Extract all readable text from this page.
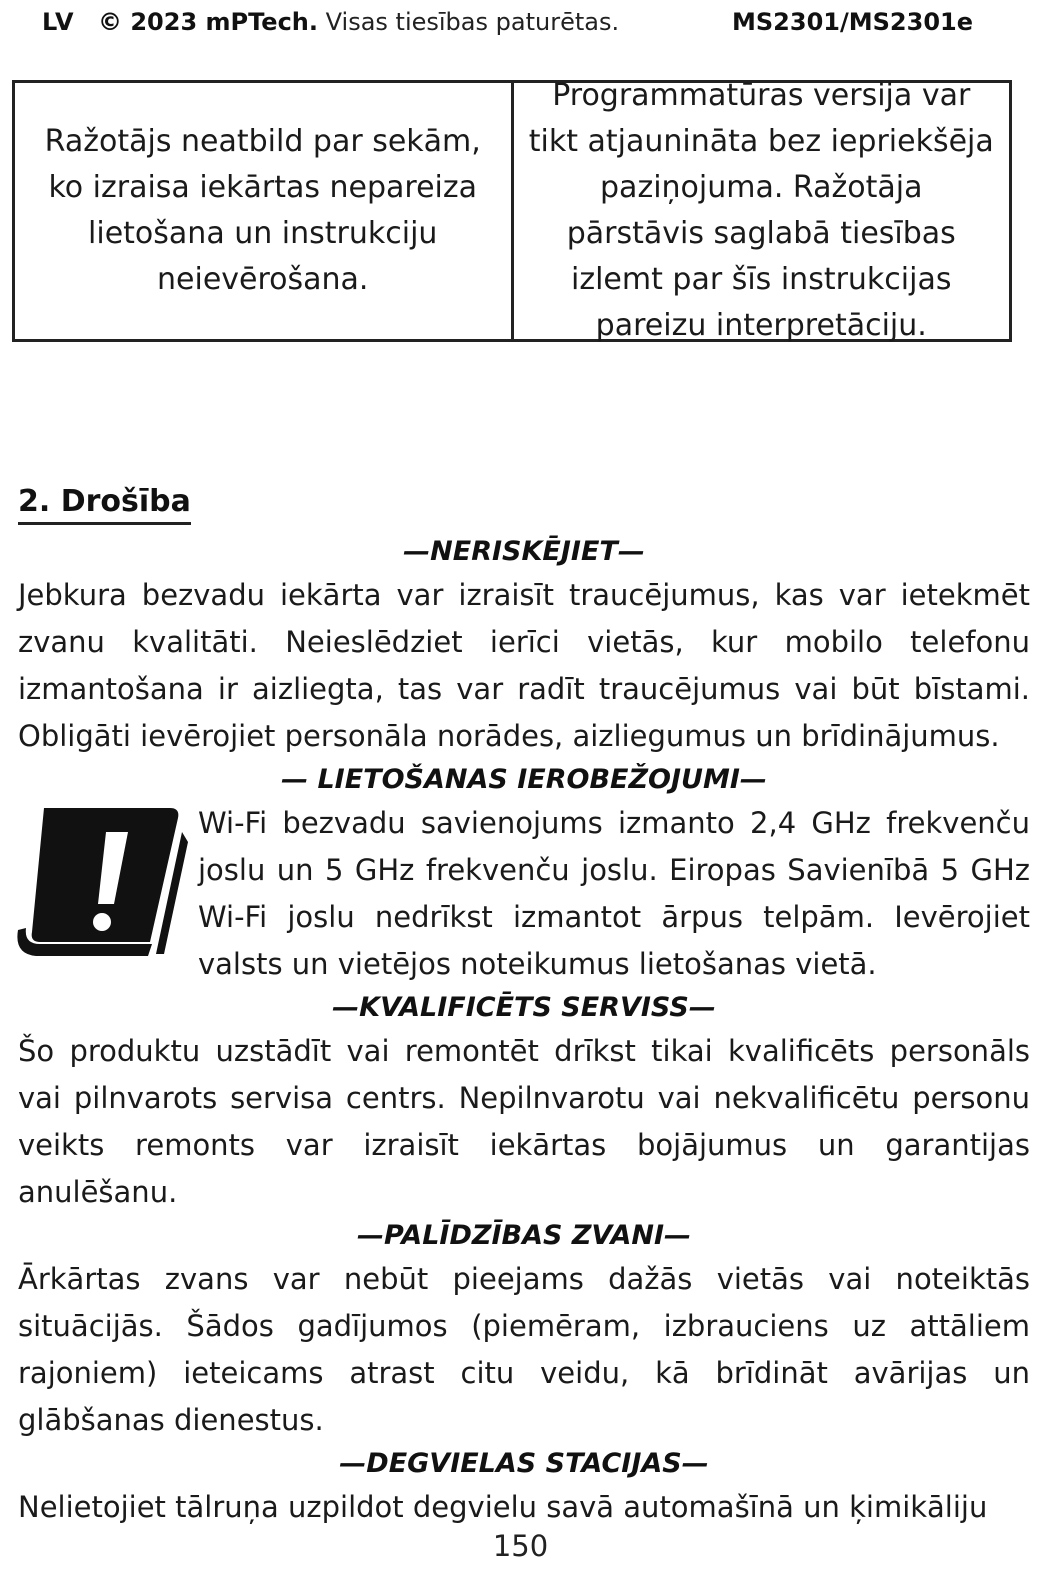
LV © 2023 mPTech. Visas tiesības paturētas.	MS2301/MS2301e
Ražotājs neatbild par sekām, ko izraisa iekārtas nepareiza lietošana un instrukciju neievērošana.
Programmatūras versija var tikt atjaunināta bez iepriekšēja paziņojuma. Ražotāja pārstāvis saglabā tiesības izlemt par šīs instrukcijas pareizu interpretāciju.
2. Drošība

—NERISKĒJIET—

Jebkura bezvadu iekārta var izraisīt traucējumus, kas var ietekmēt zvanu kvalitāti. Neieslēdziet ierīci vietās, kur mobilo telefonu izmantošana ir aizliegta, tas var radīt traucējumus vai būt bīstami. Obligāti ievērojiet personāla norādes, aizliegumus un brīdinājumus.

— LIETOŠANAS IEROBEŽOJUMI—

Wi-Fi bezvadu savienojums izmanto 2,4 GHz frekvenču joslu un 5 GHz frekvenču joslu. Eiropas Savienībā 5 GHz Wi-Fi joslu nedrīkst izmantot ārpus telpām. Ievērojiet valsts un vietējos noteikumus lietošanas vietā.

—KVALIFICĒTS SERVISS—

Šo produktu uzstādīt vai remontēt drīkst tikai kvalificēts personāls vai pilnvarots servisa centrs. Nepilnvarotu vai nekvalificētu personu veikts remonts var izraisīt iekārtas bojājumus un garantijas anulēšanu.

—PALĪDZĪBAS ZVANI—

Ārkārtas zvans var nebūt pieejams dažās vietās vai noteiktās situācijās. Šādos gadījumos (piemēram, izbrauciens uz attāliem rajoniem) ieteicams atrast citu veidu, kā brīdināt avārijas un glābšanas dienestus.

—DEGVIELAS STACIJAS—

Nelietojiet tālruņa uzpildot degvielu savā automašīnā un ķimikāliju

150
